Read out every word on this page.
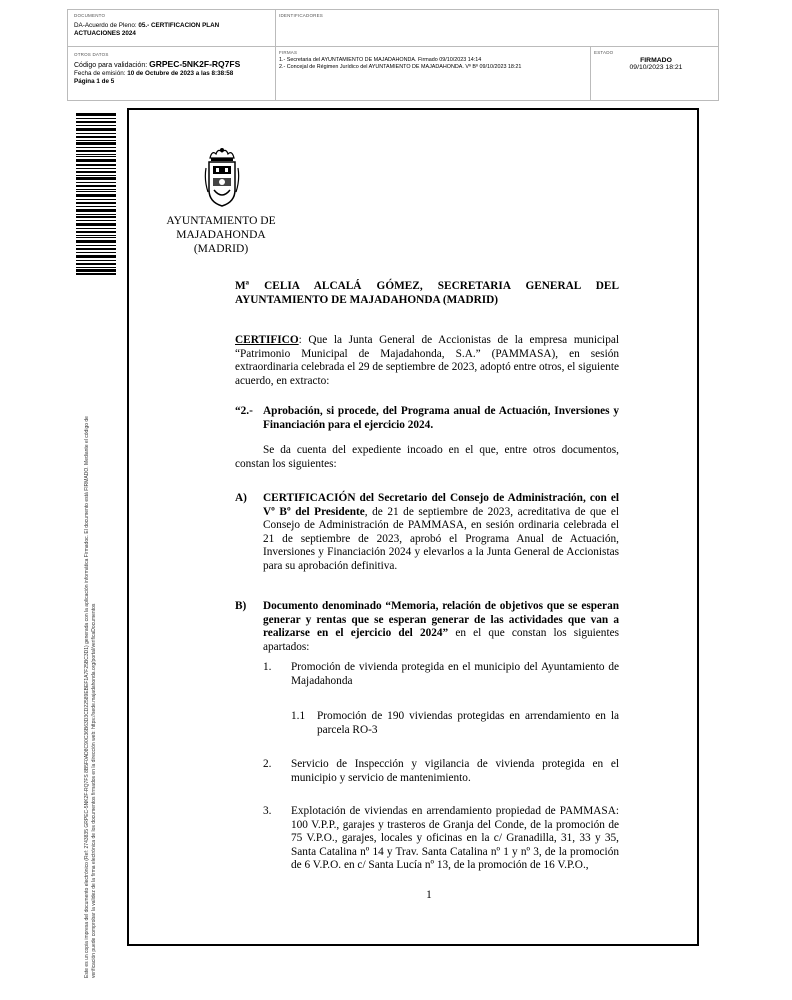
DOCUMENTO
DA-Acuerdo de Pleno: 05.- CERTIFICACION PLAN
ACTUACIONES 2024
IDENTIFICADORES
OTROS DATOS
Código para validación: GRPEC-5NK2F-RQ7FS
Fecha de emisión: 10 de Octubre de 2023 a las 8:38:58
Página 1 de 5
FIRMAS
1.- Secretaria del AYUNTAMIENTO DE MAJADAHONDA. Firmado 09/10/2023 14:14
2.- Concejal de Régimen Jurídico del AYUNTAMIENTO DE MAJADAHONDA. Vº Bº 09/10/2023 18:21
ESTADO
FIRMADO
09/10/2023 18:21
Este es un copia impresa del documento electrónico (Ref: 2743835 GRPEC-5NK2F-RQ7FS 8B5F0AD8C90C36B63D3CD22589EBEF1A7F25BC3D1) generada con la aplicación informática Firmadoc. El documento está FIRMADO. Mediante el código de verificación puede comprobar la validez de la firma electrónica de los documentos firmados en la dirección web: https://sede.majadahonda.org/portal/verificaDocumentos
AYUNTAMIENTO DE
MAJADAHONDA
(MADRID)
Mª CELIA ALCALÁ GÓMEZ, SECRETARIA GENERAL DEL AYUNTAMIENTO DE MAJADAHONDA (MADRID)
CERTIFICO: Que la Junta General de Accionistas de la empresa municipal “Patrimonio Municipal de Majadahonda, S.A.” (PAMMASA), en sesión extraordinaria celebrada el 29 de septiembre de 2023, adoptó entre otros, el siguiente acuerdo, en extracto:
“2.- Aprobación, si procede, del Programa anual de Actuación, Inversiones y Financiación para el ejercicio 2024.
Se da cuenta del expediente incoado en el que, entre otros documentos, constan los siguientes:
A)	CERTIFICACIÓN del Secretario del Consejo de Administración, con el Vº Bº del Presidente, de 21 de septiembre de 2023, acreditativa de que el Consejo de Administración de PAMMASA, en sesión ordinaria celebrada el 21 de septiembre de 2023, aprobó el Programa Anual de Actuación, Inversiones y Financiación 2024 y elevarlos a la Junta General de Accionistas para su aprobación definitiva.
B)	Documento denominado “Memoria, relación de objetivos que se esperan generar y rentas que se esperan generar de las actividades que van a realizarse en el ejercicio del 2024” en el que constan los siguientes apartados:
1.	Promoción de vivienda protegida en el municipio del Ayuntamiento de Majadahonda
1.1	Promoción de 190 viviendas protegidas en arrendamiento en la parcela RO-3
2.	Servicio de Inspección y vigilancia de vivienda protegida en el municipio y servicio de mantenimiento.
3.	Explotación de viviendas en arrendamiento propiedad de PAMMASA: 100 V.P.P., garajes y trasteros de Granja del Conde, de la promoción de 75 V.P.O., garajes, locales y oficinas en la c/ Granadilla, 31, 33 y 35, Santa Catalina nº 14 y Trav. Santa Catalina nº 1 y nº 3, de la promoción de 6 V.P.O. en c/ Santa Lucía nº 13, de la promoción de 16 V.P.O.,
1
